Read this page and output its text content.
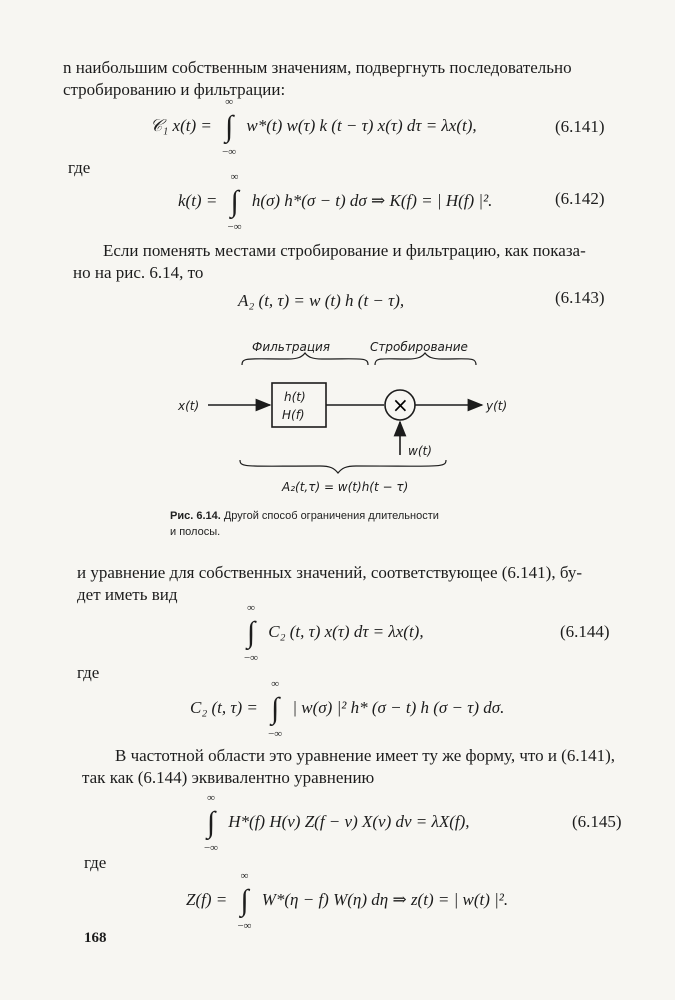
n наибольшим собственным значениям, подвергнуть последовательно
стробированию и фильтрации:
𝒞₁ x(t) =
∞
∫
−∞
w*(t) w(τ) k (t − τ) x(τ) dτ = λx(t),	(6.141)
где
k(t) =
∞
∫
−∞
h(σ) h*(σ − t) dσ ⇒ K(f) = | H(f) |².	(6.142)
Если поменять местами стробирование и фильтрацию, как показа-
но на рис. 6.14, то
A₂ (t, τ) = w (t) h (t − τ),	(6.143)
Фильтрация	Стробирование
x(t)
h(t)
H(f)	×	y(t)
w(t)
A₂(t,τ) = w(t)h(t − τ)
Рис. 6.14. Другой способ ограничения длительности
и полосы.
и уравнение для собственных значений, соответствующее (6.141), бу-
дет иметь вид
∞
∫
−∞
C₂ (t, τ) x(τ) dτ = λx(t),	(6.144)
где
C₂ (t, τ) =
∞
∫
−∞
| w(σ) |² h* (σ − t) h (σ − τ) dσ.
В частотной области это уравнение имеет ту же форму, что и (6.141),
так как (6.144) эквивалентно уравнению
∞
∫
−∞
H*(f) H(ν) Z(f − ν) X(ν) dν = λX(f),	(6.145)
где
Z(f) =
∞
∫
−∞
W*(η − f) W(η) dη ⇒ z(t) = | w(t) |².
168
